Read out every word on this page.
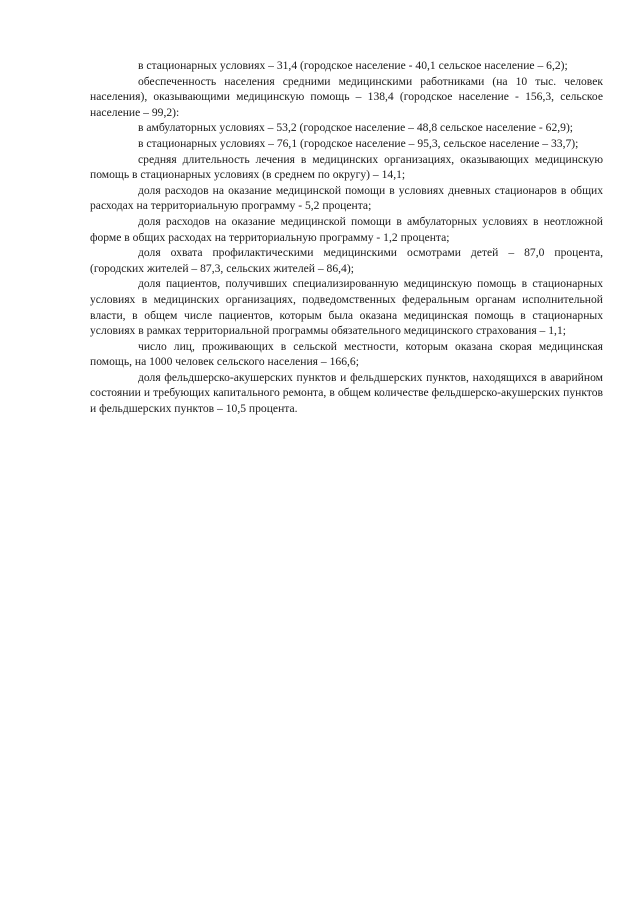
в стационарных условиях – 31,4 (городское население - 40,1 сельское население – 6,2);

обеспеченность населения средними медицинскими работниками (на 10 тыс. человек населения), оказывающими медицинскую помощь – 138,4 (городское население - 156,3, сельское население – 99,2):

в амбулаторных условиях – 53,2 (городское население – 48,8 сельское население - 62,9);

в стационарных условиях – 76,1 (городское население – 95,3, сельское население – 33,7);

средняя длительность лечения в медицинских организациях, оказывающих медицинскую помощь в стационарных условиях (в среднем по округу) – 14,1;

доля расходов на оказание медицинской помощи в условиях дневных стационаров в общих расходах на территориальную программу - 5,2 процента;

доля расходов на оказание медицинской помощи в амбулаторных условиях в неотложной форме в общих расходах на территориальную программу - 1,2 процента;

доля охвата профилактическими медицинскими осмотрами детей – 87,0 процента, (городских жителей – 87,3, сельских жителей – 86,4);

доля пациентов, получивших специализированную медицинскую помощь в стационарных условиях в медицинских организациях, подведомственных федеральным органам исполнительной власти, в общем числе пациентов, которым была оказана медицинская помощь в стационарных условиях в рамках территориальной программы обязательного медицинского страхования – 1,1;

число лиц, проживающих в сельской местности, которым оказана скорая медицинская помощь, на 1000 человек сельского населения – 166,6;

доля фельдшерско-акушерских пунктов и фельдшерских пунктов, находящихся в аварийном состоянии и требующих капитального ремонта, в общем количестве фельдшерско-акушерских пунктов и фельдшерских пунктов – 10,5 процента.
